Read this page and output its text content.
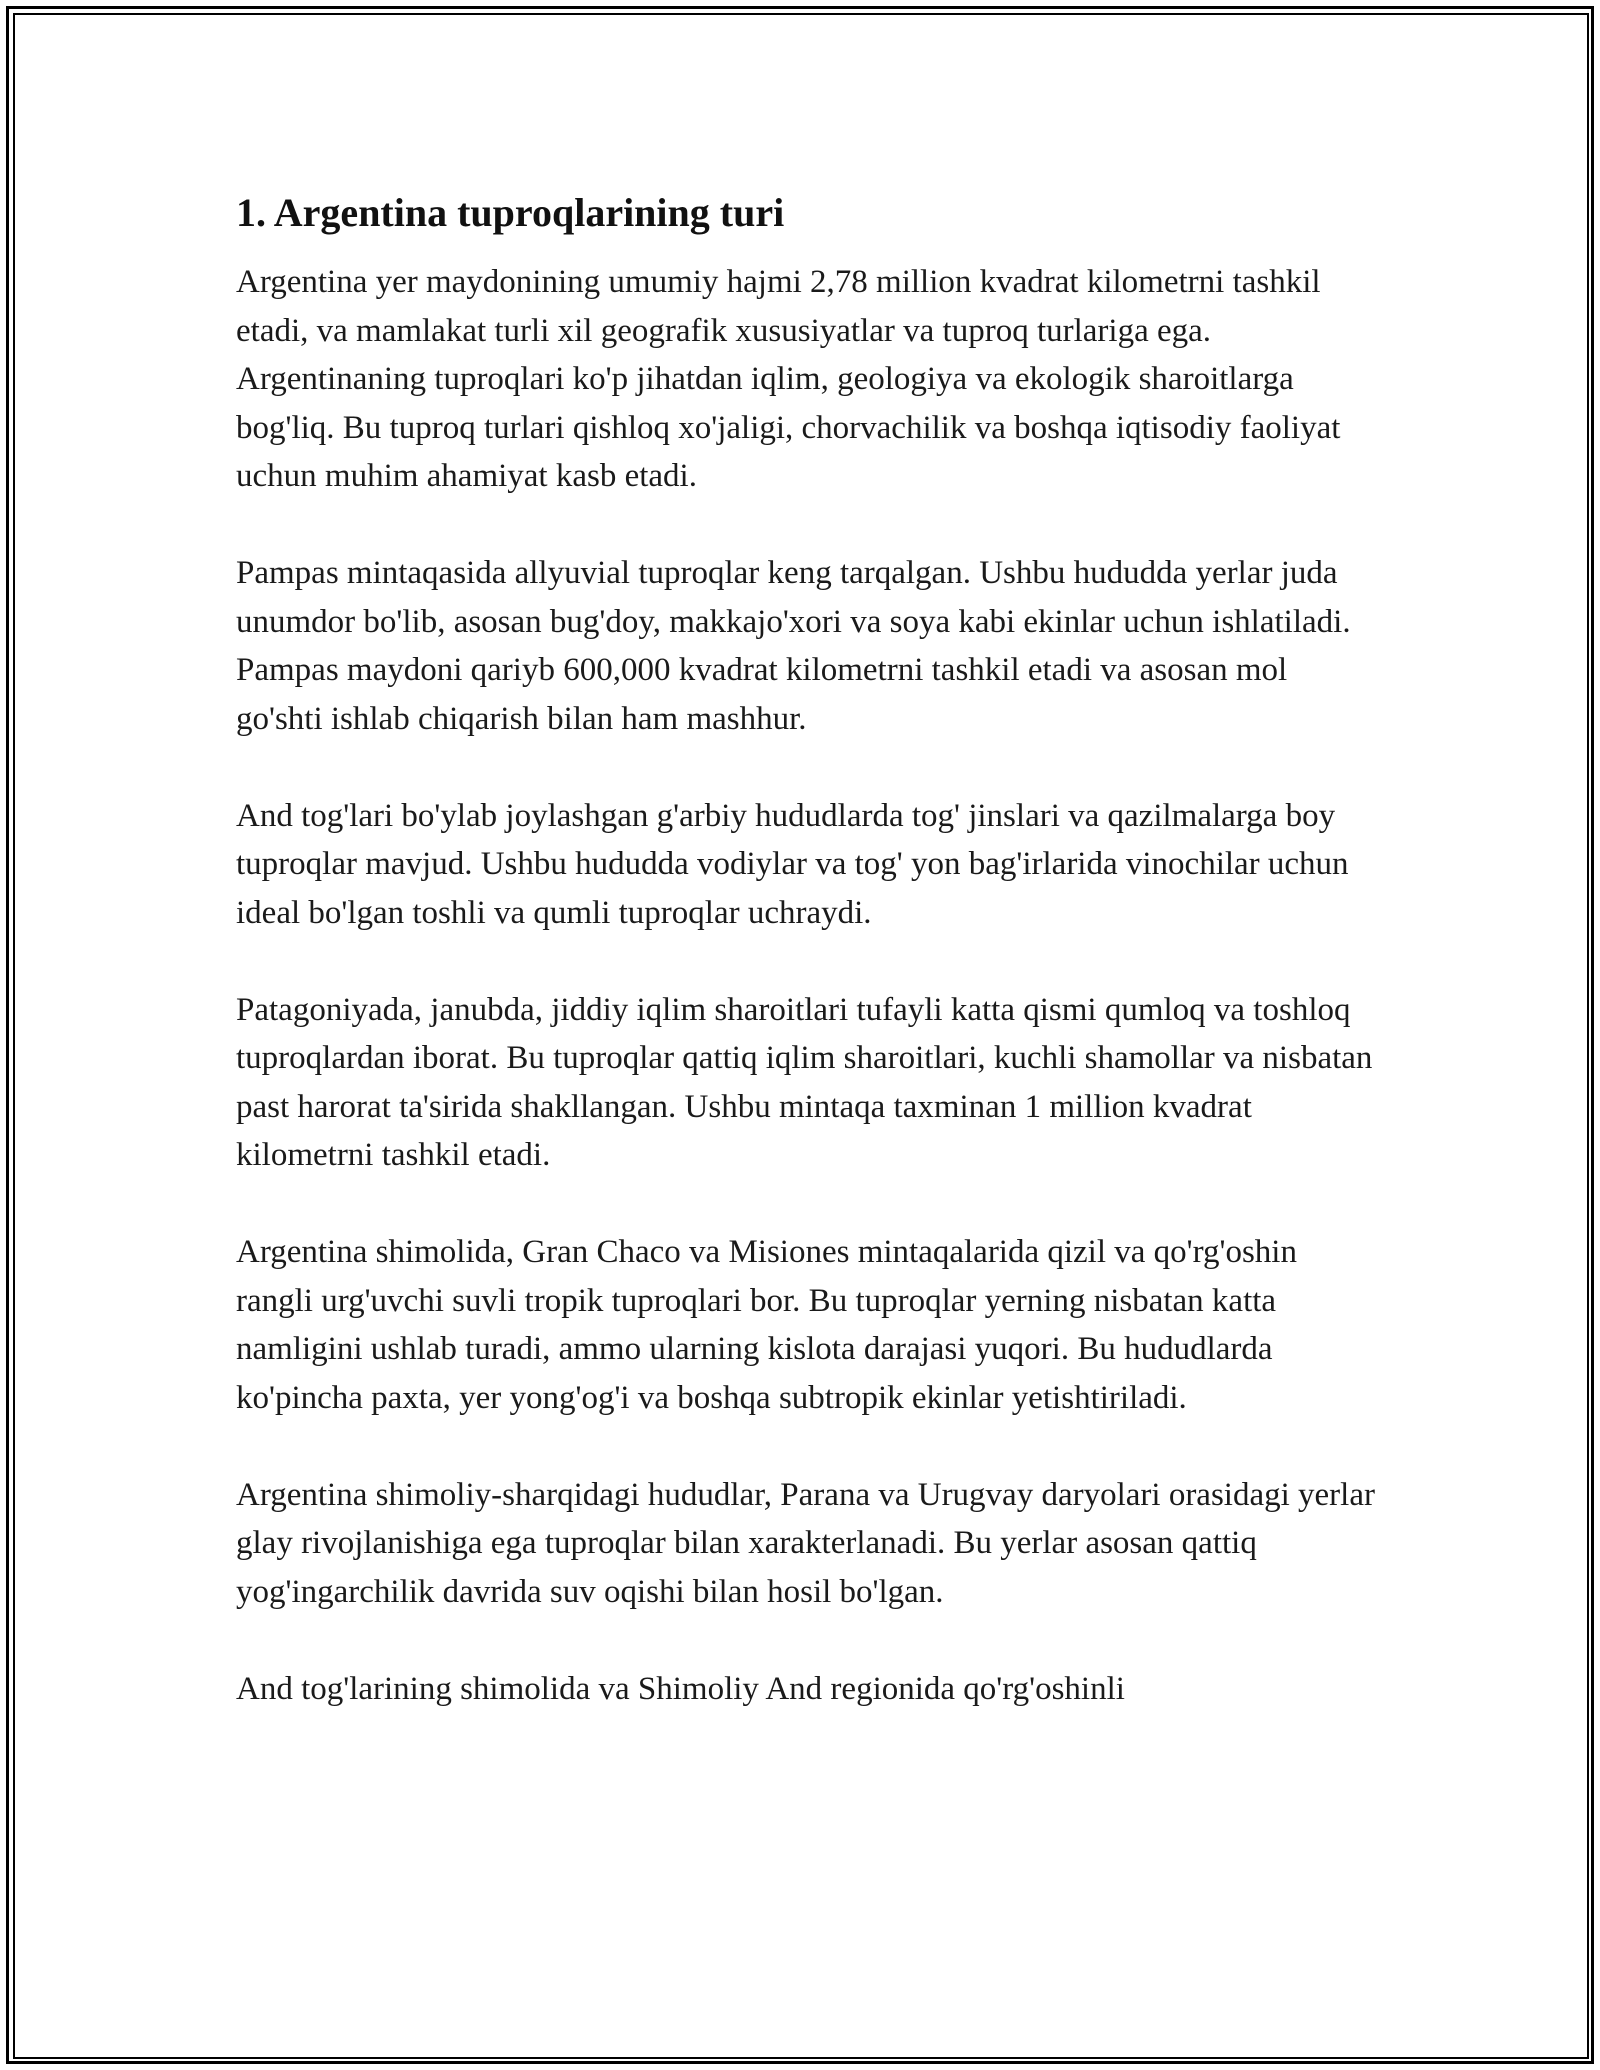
1. Argentina tuproqlarining turi

Argentina yer maydonining umumiy hajmi 2,78 million kvadrat kilometrni tashkil etadi, va mamlakat turli xil geografik xususiyatlar va tuproq turlariga ega. Argentinaning tuproqlari ko'p jihatdan iqlim, geologiya va ekologik sharoitlarga bog'liq. Bu tuproq turlari qishloq xo'jaligi, chorvachilik va boshqa iqtisodiy faoliyat uchun muhim ahamiyat kasb etadi.

Pampas mintaqasida allyuvial tuproqlar keng tarqalgan. Ushbu hududda yerlar juda unumdor bo'lib, asosan bug'doy, makkajo'xori va soya kabi ekinlar uchun ishlatiladi. Pampas maydoni qariyb 600,000 kvadrat kilometrni tashkil etadi va asosan mol go'shti ishlab chiqarish bilan ham mashhur.

And tog'lari bo'ylab joylashgan g'arbiy hududlarda tog' jinslari va qazilmalarga boy tuproqlar mavjud. Ushbu hududda vodiylar va tog' yon bag'irlarida vinochilar uchun ideal bo'lgan toshli va qumli tuproqlar uchraydi.

Patagoniyada, janubda, jiddiy iqlim sharoitlari tufayli katta qismi qumloq va toshloq tuproqlardan iborat. Bu tuproqlar qattiq iqlim sharoitlari, kuchli shamollar va nisbatan past harorat ta'sirida shakllangan. Ushbu mintaqa taxminan 1 million kvadrat kilometrni tashkil etadi.

Argentina shimolida, Gran Chaco va Misiones mintaqalarida qizil va qo'rg'oshin rangli urg'uvchi suvli tropik tuproqlari bor. Bu tuproqlar yerning nisbatan katta namligini ushlab turadi, ammo ularning kislota darajasi yuqori. Bu hududlarda ko'pincha paxta, yer yong'og'i va boshqa subtropik ekinlar yetishtiriladi.

Argentina shimoliy-sharqidagi hududlar, Parana va Urugvay daryolari orasidagi yerlar glay rivojlanishiga ega tuproqlar bilan xarakterlanadi. Bu yerlar asosan qattiq yog'ingarchilik davrida suv oqishi bilan hosil bo'lgan.

And tog'larining shimolida va Shimoliy And regionida qo'rg'oshinli
